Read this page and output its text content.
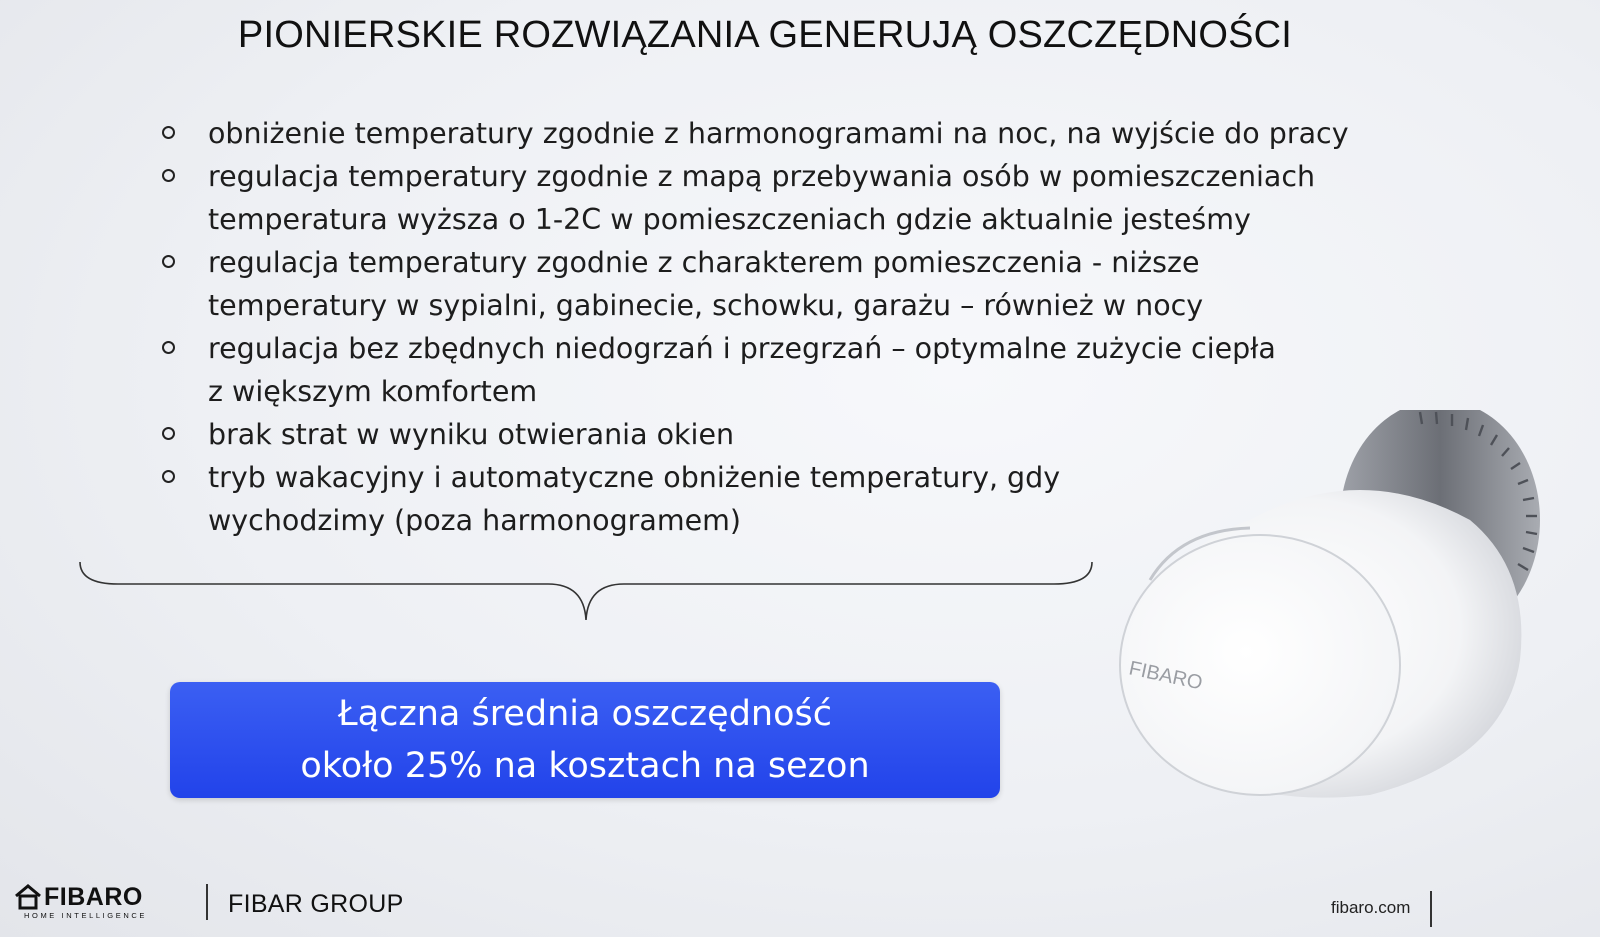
PIONIERSKIE ROZWIĄZANIA GENERUJĄ OSZCZĘDNOŚCI
obniżenie temperatury zgodnie z harmonogramami na noc, na wyjście do pracy
regulacja temperatury zgodnie z mapą przebywania osób w pomieszczeniach
temperatura wyższa o 1-2C w pomieszczeniach gdzie aktualnie jesteśmy
regulacja temperatury zgodnie z charakterem pomieszczenia - niższe
temperatury w sypialni, gabinecie, schowku, garażu – również w nocy
regulacja bez zbędnych niedogrzań i przegrzań – optymalne zużycie ciepła
z większym komfortem
brak strat w wyniku otwierania okien
tryb wakacyjny i automatyczne obniżenie temperatury, gdy
wychodzimy (poza harmonogramem)
Łączna średnia oszczędność
około 25% na kosztach na sezon
FIBARO
FIBARO
HOME INTELLIGENCE	FIBAR GROUP	fibaro.com
